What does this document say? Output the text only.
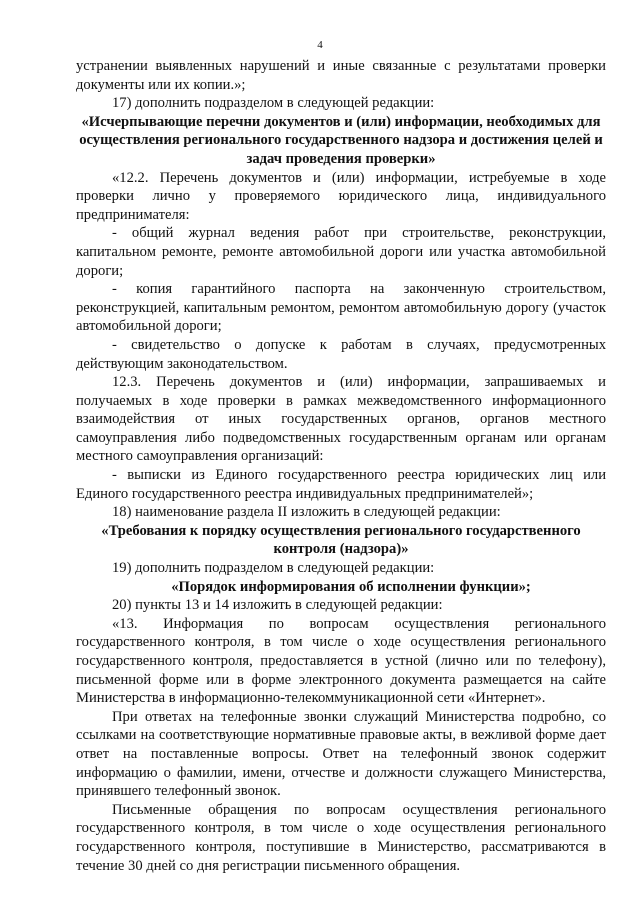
4

устранении выявленных нарушений и иные связанные с результатами проверки документы или их копии.»;

17) дополнить подразделом в следующей редакции:

«Исчерпывающие перечни документов и (или) информации, необходимых для осуществления регионального государственного надзора и достижения целей и задач проведения проверки»

«12.2. Перечень документов и (или) информации, истребуемые в ходе проверки лично у проверяемого юридического лица, индивидуального предпринимателя:

- общий журнал ведения работ при строительстве, реконструкции, капитальном ремонте, ремонте автомобильной дороги или участка автомобильной дороги;

- копия гарантийного паспорта на законченную строительством, реконструкцией, капитальным ремонтом, ремонтом автомобильную дорогу (участок автомобильной дороги;

- свидетельство о допуске к работам в случаях, предусмотренных действующим законодательством.

12.3. Перечень документов и (или) информации, запрашиваемых и получаемых в ходе проверки в рамках межведомственного информационного взаимодействия от иных государственных органов, органов местного самоуправления либо подведомственных государственным органам или органам местного самоуправления организаций:

- выписки из Единого государственного реестра юридических лиц или Единого государственного реестра индивидуальных предпринимателей»;

18) наименование раздела II изложить в следующей редакции:

«Требования к порядку осуществления регионального государственного контроля (надзора)»

19) дополнить подразделом в следующей редакции:

«Порядок информирования об исполнении функции»;

20) пункты 13 и 14 изложить в следующей редакции:

«13. Информация по вопросам осуществления регионального государственного контроля, в том числе о ходе осуществления регионального государственного контроля, предоставляется в устной (лично или по телефону), письменной форме или в форме электронного документа размещается на сайте Министерства в информационно-телекоммуникационной сети «Интернет».

При ответах на телефонные звонки служащий Министерства подробно, со ссылками на соответствующие нормативные правовые акты, в вежливой форме дает ответ на поставленные вопросы. Ответ на телефонный звонок содержит информацию о фамилии, имени, отчестве и должности служащего Министерства, принявшего телефонный звонок.

Письменные обращения по вопросам осуществления регионального государственного контроля, в том числе о ходе осуществления регионального государственного контроля, поступившие в Министерство, рассматриваются в течение 30 дней со дня регистрации письменного обращения.
